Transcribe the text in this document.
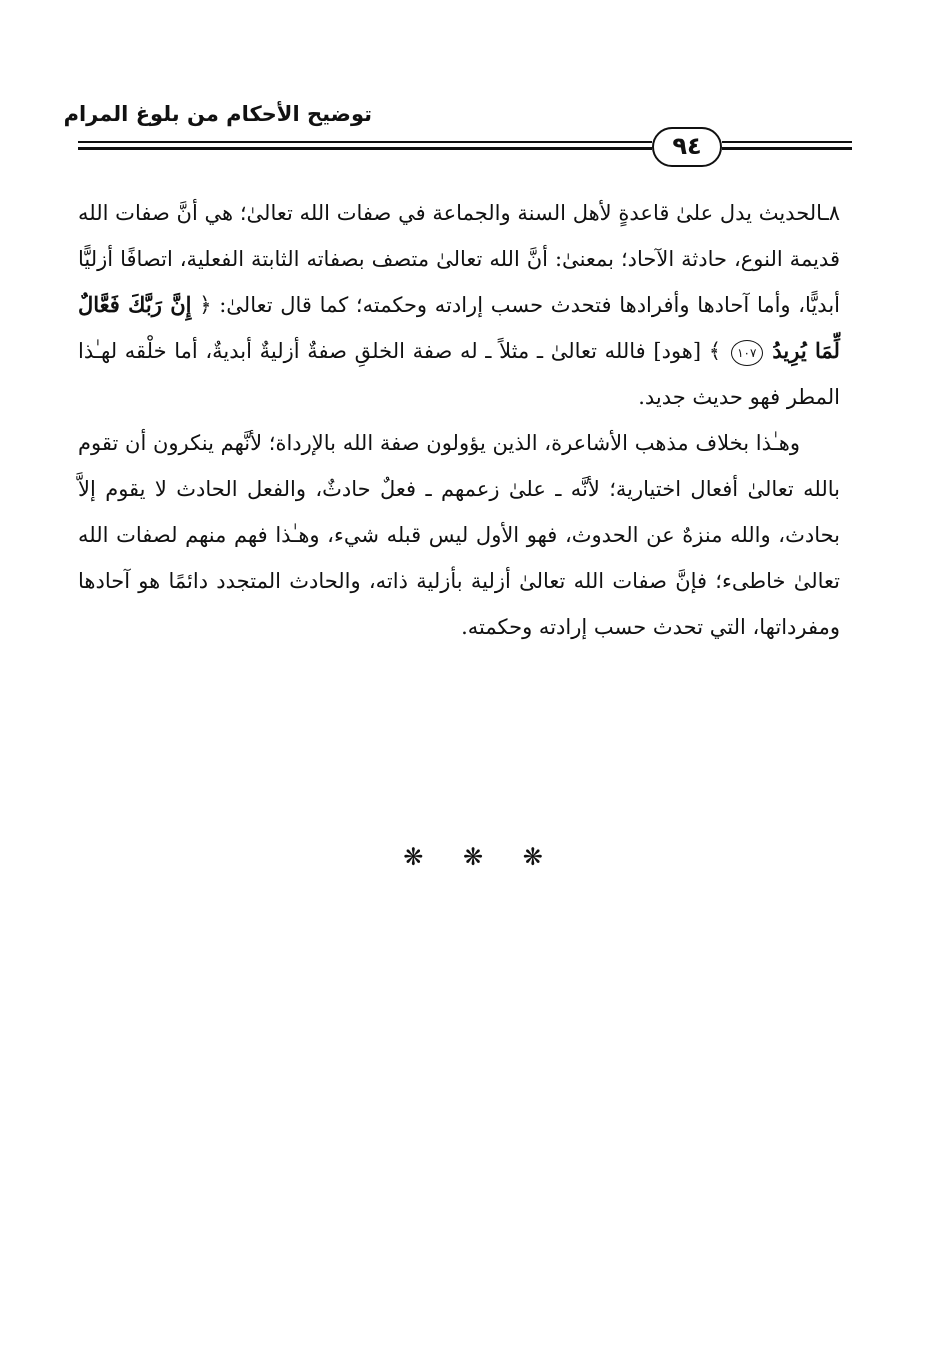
توضيح الأحكام من بلوغ المرام
٩٤

٨ـالحديث يدل علىٰ قاعدةٍ لأهل السنة والجماعة في صفات الله تعالىٰ؛ هي أنَّ صفات الله قديمة النوع، حادثة الآحاد؛ بمعنىٰ: أنَّ الله تعالىٰ متصف بصفاته الثابتة الفعلية، اتصافًا أزليًّا أبديًّا، وأما آحادها وأفرادها فتحدث حسب إرادته وحكمته؛ كما قال تعالىٰ: ﴿ إِنَّ رَبَّكَ فَعَّالٌ لِّمَا يُرِيدُ ١٠٧ ﴾ [هود] فالله تعالىٰ ـ مثلاً ـ له صفة الخلقِ صفةٌ أزليةٌ أبديةٌ، أما خلْقه لهـٰذا المطر فهو حديث جديد.

وهـٰذا بخلاف مذهب الأشاعرة، الذين يؤولون صفة الله بالإرداة؛ لأنَّهم ينكرون أن تقوم بالله تعالىٰ أفعال اختيارية؛ لأنَّه ـ علىٰ زعمهم ـ فعلٌ حادثٌ، والفعل الحادث لا يقوم إلاَّ بحادث، والله منزهٌ عن الحدوث، فهو الأول ليس قبله شيء، وهـٰذا فهم منهم لصفات الله تعالىٰ خاطىء؛ فإنَّ صفات الله تعالىٰ أزلية بأزلية ذاته، والحادث المتجدد دائمًا هو آحادها ومفرداتها، التي تحدث حسب إرادته وحكمته.

❋ ❋ ❋
